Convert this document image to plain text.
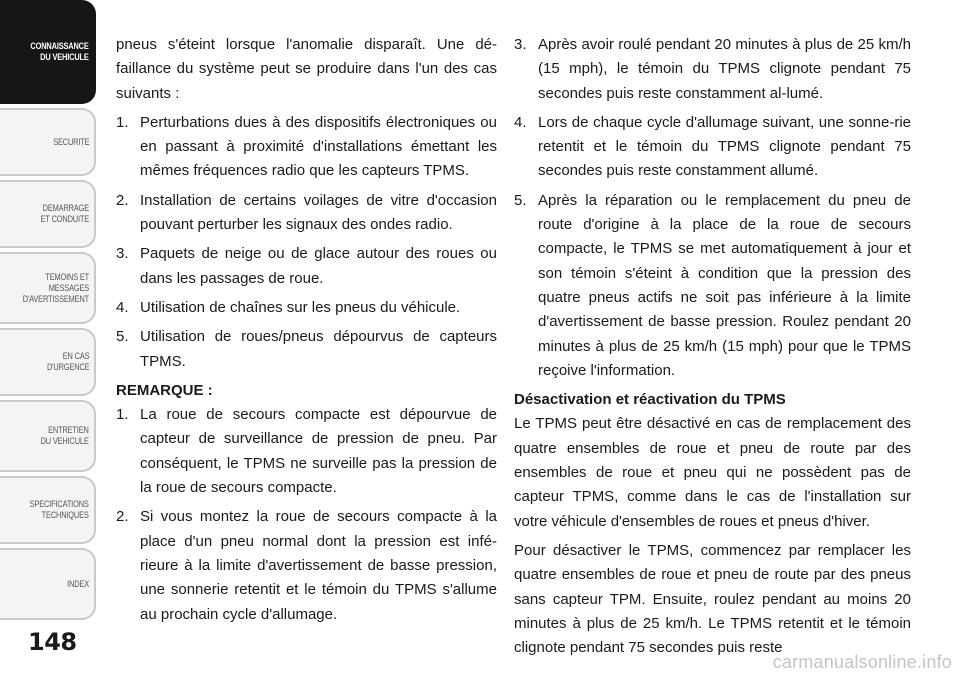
CONNAISSANCE
DU VEHICULE
SECURITE
DEMARRAGE
ET CONDUITE
TEMOINS ET
MESSAGES
D'AVERTISSEMENT
EN CAS
D'URGENCE
ENTRETIEN
DU VEHICULE
SPECIFICATIONS
TECHNIQUES
INDEX
148
pneus s'éteint lorsque l'anomalie disparaît. Une dé-faillance du système peut se produire dans l'un des cas suivants :
1. Perturbations dues à des dispositifs électroniques ou en passant à proximité d'installations émettant les mêmes fréquences radio que les capteurs TPMS.
2. Installation de certains voilages de vitre d'occasion pouvant perturber les signaux des ondes radio.
3. Paquets de neige ou de glace autour des roues ou dans les passages de roue.
4. Utilisation de chaînes sur les pneus du véhicule.
5. Utilisation de roues/pneus dépourvus de capteurs TPMS.
REMARQUE :
1. La roue de secours compacte est dépourvue de capteur de surveillance de pression de pneu. Par conséquent, le TPMS ne surveille pas la pression de la roue de secours compacte.
2. Si vous montez la roue de secours compacte à la place d'un pneu normal dont la pression est infé-rieure à la limite d'avertissement de basse pression, une sonnerie retentit et le témoin du TPMS s'allume au prochain cycle d'allumage.
3. Après avoir roulé pendant 20 minutes à plus de 25 km/h (15 mph), le témoin du TPMS clignote pendant 75 secondes puis reste constamment al-lumé.
4. Lors de chaque cycle d'allumage suivant, une sonne-rie retentit et le témoin du TPMS clignote pendant 75 secondes puis reste constamment allumé.
5. Après la réparation ou le remplacement du pneu de route d'origine à la place de la roue de secours compacte, le TPMS se met automatiquement à jour et son témoin s'éteint à condition que la pression des quatre pneus actifs ne soit pas inférieure à la limite d'avertissement de basse pression. Roulez pendant 20 minutes à plus de 25 km/h (15 mph) pour que le TPMS reçoive l'information.
Désactivation et réactivation du TPMS
Le TPMS peut être désactivé en cas de remplacement des quatre ensembles de roue et pneu de route par des ensembles de roue et pneu qui ne possèdent pas de capteur TPMS, comme dans le cas de l'installation sur votre véhicule d'ensembles de roues et pneus d'hiver.
Pour désactiver le TPMS, commencez par remplacer les quatre ensembles de roue et pneu de route par des pneus sans capteur TPM. Ensuite, roulez pendant au moins 20 minutes à plus de 25 km/h. Le TPMS retentit et le témoin clignote pendant 75 secondes puis reste
carmanualsonline.info
